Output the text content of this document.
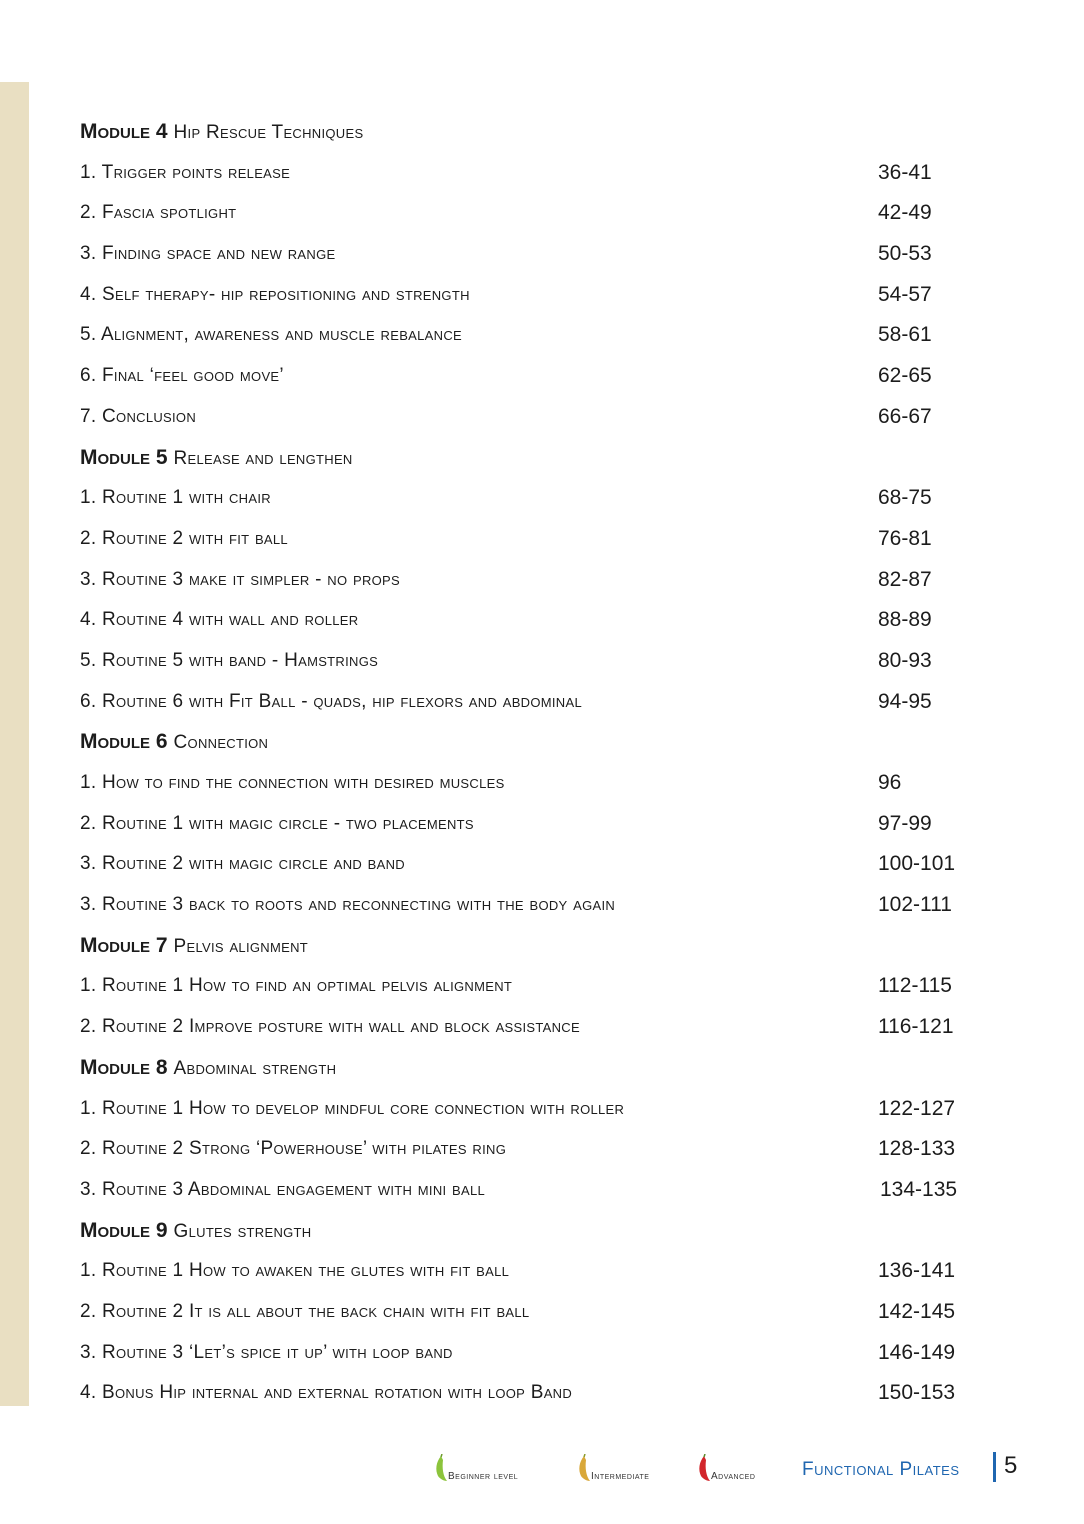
Module 4 Hip Rescue Techniques
1. Trigger points release	36-41
2. Fascia spotlight	42-49
3. Finding space and new range	50-53
4. Self therapy- hip repositioning and strength	54-57
5. Alignment, awareness and muscle rebalance	58-61
6. Final ‘feel good move’	62-65
7. Conclusion	66-67
Module 5 Release and lengthen
1. Routine 1 with chair	68-75
2. Routine 2 with fit ball	76-81
3. Routine 3 make it simpler - no props	82-87
4. Routine 4 with wall and roller	88-89
5. Routine 5 with band - Hamstrings	80-93
6. Routine 6 with Fit Ball - quads, hip flexors and abdominal	94-95
Module 6 Connection
1. How to find the connection with desired muscles	96
2. Routine 1 with magic circle - two placements	97-99
3. Routine 2 with magic circle and band	100-101
3. Routine 3 back to roots and reconnecting with the body again	102-111
Module 7 Pelvis alignment
1. Routine 1 How to find an optimal pelvis alignment	112-115
2. Routine 2 Improve posture with wall and block assistance	116-121
Module 8 Abdominal strength
1. Routine 1 How to develop mindful core connection with roller	122-127
2. Routine 2 Strong ‘Powerhouse’ with pilates ring	128-133
3. Routine 3 Abdominal engagement with mini ball	134-135
Module 9 Glutes strength
1. Routine 1 How to awaken the glutes with fit ball	136-141
2. Routine 2 It is all about the back chain with fit ball	142-145
3. Routine 3 ‘Let’s spice it up’ with loop band	146-149
4. Bonus Hip internal and external rotation with loop Band	150-153
Beginner level	Intermediate	Advanced Functional Pilates 5
